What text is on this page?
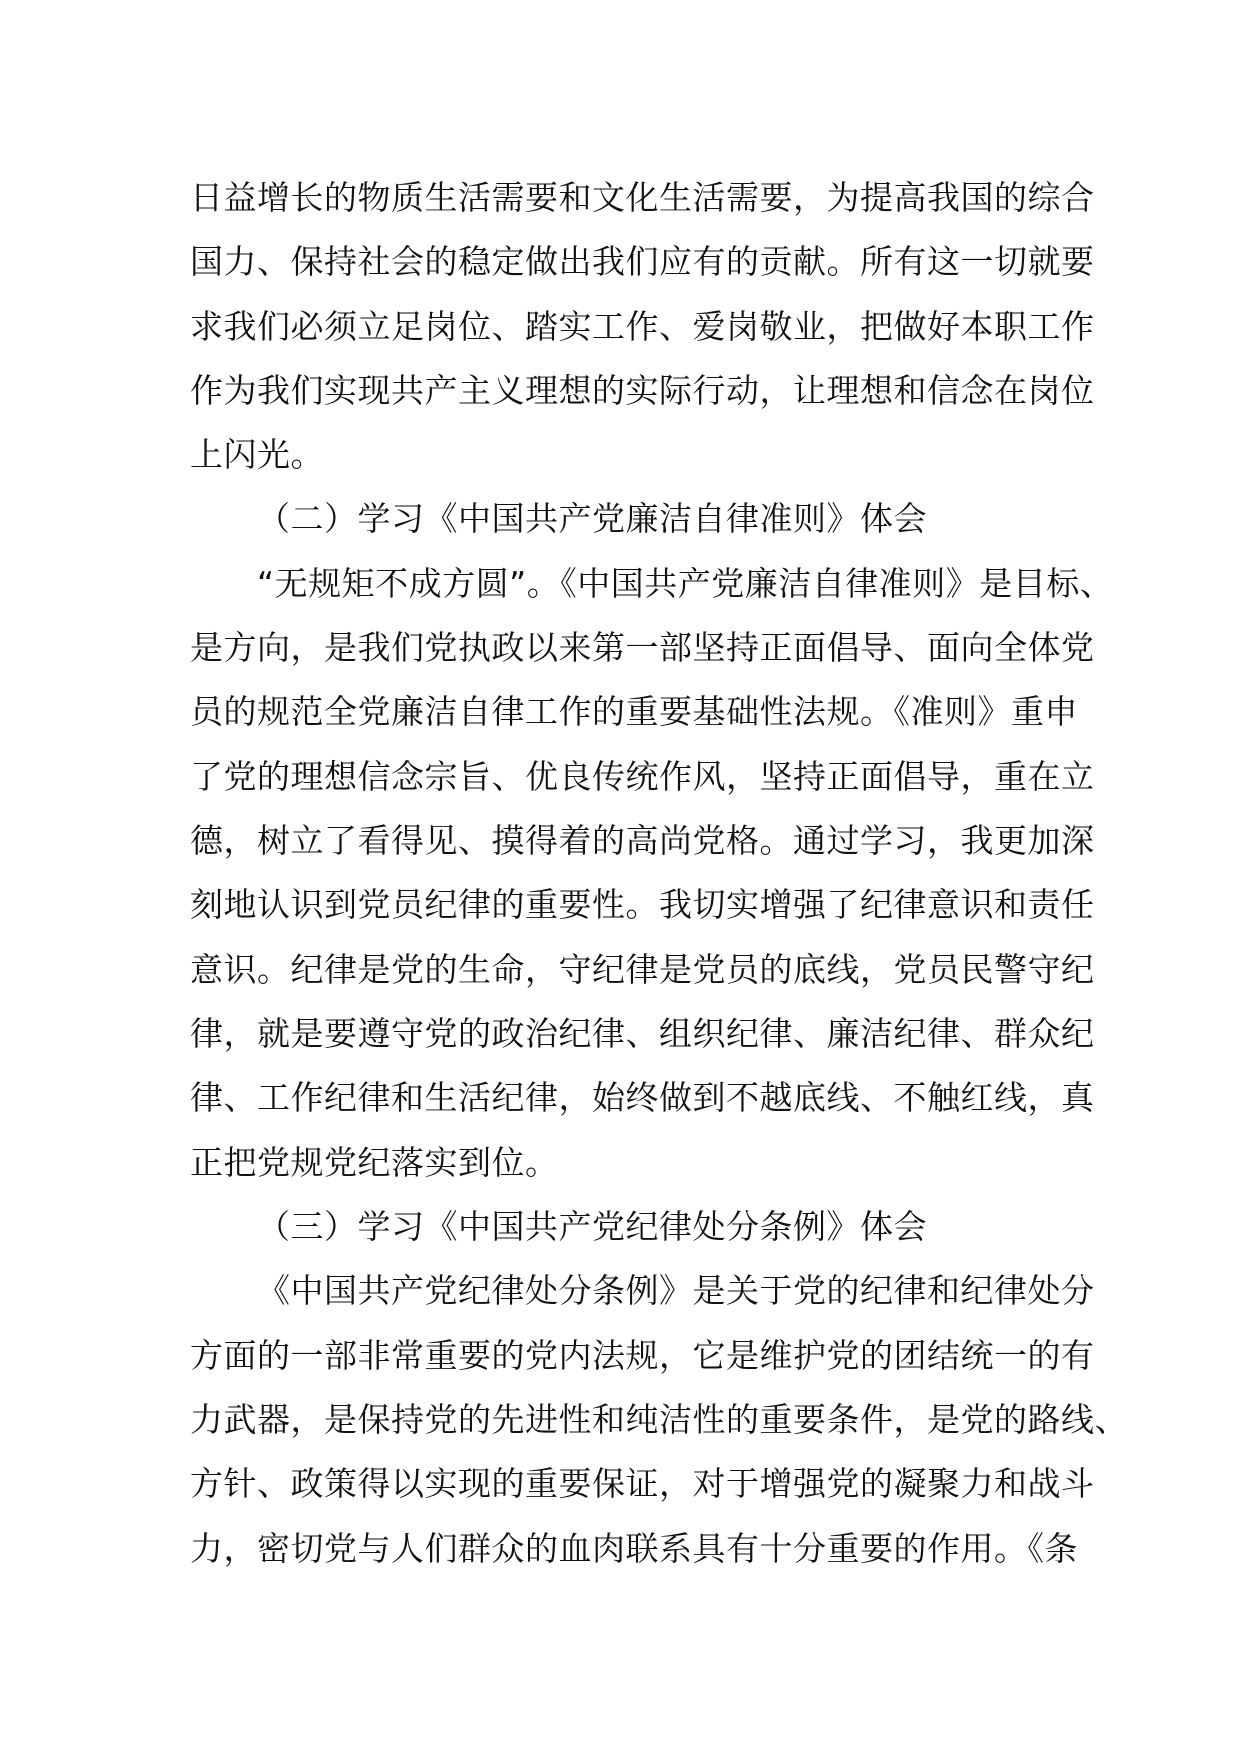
日益增长的物质生活需要和文化生活需要，为提高我国的综合
国力、保持社会的稳定做出我们应有的贡献。所有这一切就要
求我们必须立足岗位、踏实工作、爱岗敬业，把做好本职工作
作为我们实现共产主义理想的实际行动，让理想和信念在岗位
上闪光。
（二）学习《中国共产党廉洁自律准则》体会
“无规矩不成方圆”。《中国共产党廉洁自律准则》是目标、
是方向，是我们党执政以来第一部坚持正面倡导、面向全体党
员的规范全党廉洁自律工作的重要基础性法规。《准则》重申
了党的理想信念宗旨、优良传统作风，坚持正面倡导，重在立
德，树立了看得见、摸得着的高尚党格。通过学习，我更加深
刻地认识到党员纪律的重要性。我切实增强了纪律意识和责任
意识。纪律是党的生命，守纪律是党员的底线，党员民警守纪
律，就是要遵守党的政治纪律、组织纪律、廉洁纪律、群众纪
律、工作纪律和生活纪律，始终做到不越底线、不触红线，真
正把党规党纪落实到位。
（三）学习《中国共产党纪律处分条例》体会
《中国共产党纪律处分条例》是关于党的纪律和纪律处分
方面的一部非常重要的党内法规，它是维护党的团结统一的有
力武器，是保持党的先进性和纯洁性的重要条件，是党的路线、
方针、政策得以实现的重要保证，对于增强党的凝聚力和战斗
力，密切党与人们群众的血肉联系具有十分重要的作用。《条
